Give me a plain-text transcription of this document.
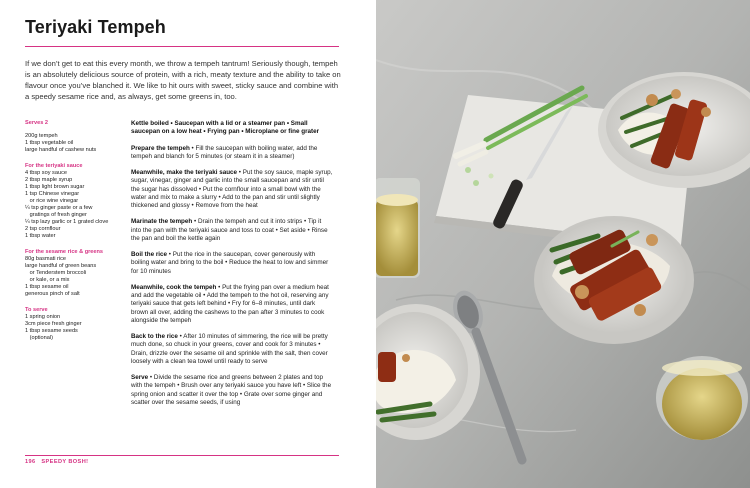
Teriyaki Tempeh

If we don’t get to eat this every month, we throw a tempeh tantrum! Seriously though, tempeh is an absolutely delicious source of protein, with a rich, meaty texture and the ability to take on flavour once you’ve blanched it. We like to hit ours with sweet, sticky sauce and combine with a speedy sesame rice and, as always, get some greens in, too.

Serves 2
200g tempeh
1 tbsp vegetable oil
large handful of cashew nuts
For the teriyaki sauce
4 tbsp soy sauce
2 tbsp maple syrup
1 tbsp light brown sugar
1 tsp Chinese vinegar
or rice wine vinegar
¼ tsp ginger paste or a few
gratings of fresh ginger
¼ tsp lazy garlic or 1 grated clove
2 tsp cornflour
1 tbsp water
For the sesame rice & greens
80g basmati rice
large handful of green beans
or Tenderstem broccoli
or kale, or a mix
1 tbsp sesame oil
generous pinch of salt
To serve
1 spring onion
3cm piece fresh ginger
1 tbsp sesame seeds
(optional)

Kettle boiled • Saucepan with a lid or a steamer pan • Small saucepan on a low heat • Frying pan • Microplane or fine grater

Prepare the tempeh • Fill the saucepan with boiling water, add the tempeh and blanch for 5 minutes (or steam it in a steamer)

Meanwhile, make the teriyaki sauce • Put the soy sauce, maple syrup, sugar, vinegar, ginger and garlic into the small saucepan and stir until the sugar has dissolved • Put the cornflour into a small bowl with the water and mix to make a slurry • Add to the pan and stir until slightly thickened and glossy • Remove from the heat

Marinate the tempeh • Drain the tempeh and cut it into strips • Tip it into the pan with the teriyaki sauce and toss to coat • Set aside • Rinse the pan and boil the kettle again

Boil the rice • Put the rice in the saucepan, cover generously with boiling water and bring to the boil • Reduce the heat to low and simmer for 10 minutes

Meanwhile, cook the tempeh • Put the frying pan over a medium heat and add the vegetable oil • Add the tempeh to the hot oil, reserving any teriyaki sauce that gets left behind • Fry for 6–8 minutes, until dark brown all over, adding the cashews to the pan after 3 minutes to cook alongside the tempeh

Back to the rice • After 10 minutes of simmering, the rice will be pretty much done, so chuck in your greens, cover and cook for 3 minutes • Drain, drizzle over the sesame oil and sprinkle with the salt, then cover loosely with a clean tea towel until ready to serve

Serve • Divide the sesame rice and greens between 2 plates and top with the tempeh • Brush over any teriyaki sauce you have left • Slice the spring onion and scatter it over the top • Grate over some ginger and scatter over the sesame seeds, if using

196 SPEEDY BOSH!
